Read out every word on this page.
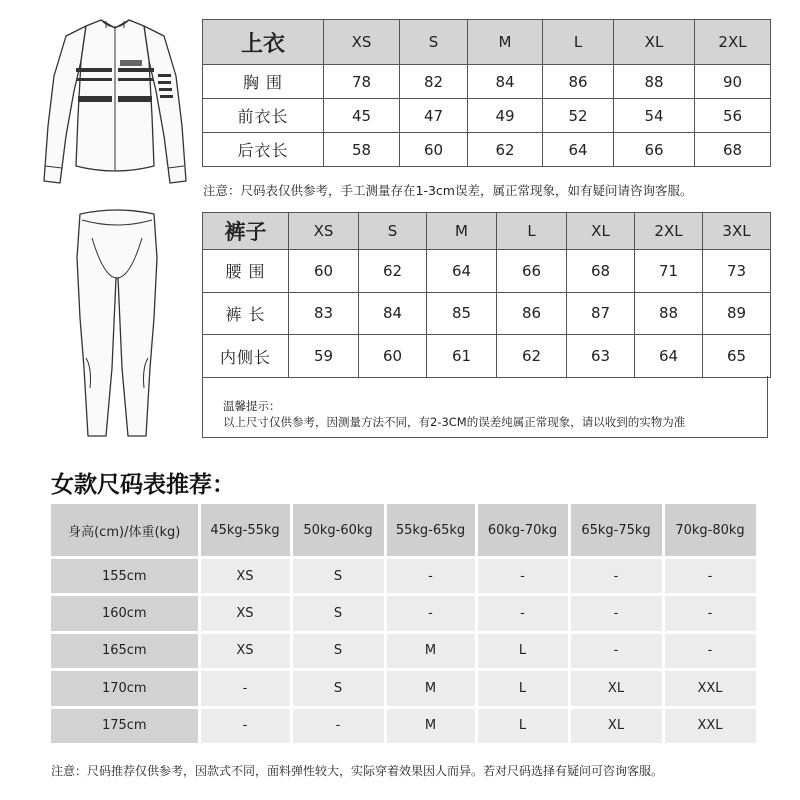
上衣	XS	S	M	L	XL	2XL
胸 围	78	82	84	86	88	90
前衣长	45	47	49	52	54	56
后衣长	58	60	62	64	66	68
注意：尺码表仅供参考，手工测量存在1-3cm误差，属正常现象，如有疑问请咨询客服。
裤子	XS	S	M	L	XL	2XL	3XL
腰 围	60	62	64	66	68	71	73
裤 长	83	84	85	86	87	88	89
内侧长	59	60	61	62	63	64	65
温馨提示：
以上尺寸仅供参考，因测量方法不同，有2-3CM的误差纯属正常现象，请以收到的实物为准
女款尺码表推荐：
身高(cm)/体重(kg)	45kg-55kg	50kg-60kg	55kg-65kg	60kg-70kg	65kg-75kg	70kg-80kg
155cm	XS	S	-	-	-	-
160cm	XS	S	-	-	-	-
165cm	XS	S	M	L	-	-
170cm	-	S	M	L	XL	XXL
175cm	-	-	M	L	XL	XXL
注意：尺码推荐仅供参考，因款式不同，面料弹性较大，实际穿着效果因人而异。若对尺码选择有疑问可咨询客服。
